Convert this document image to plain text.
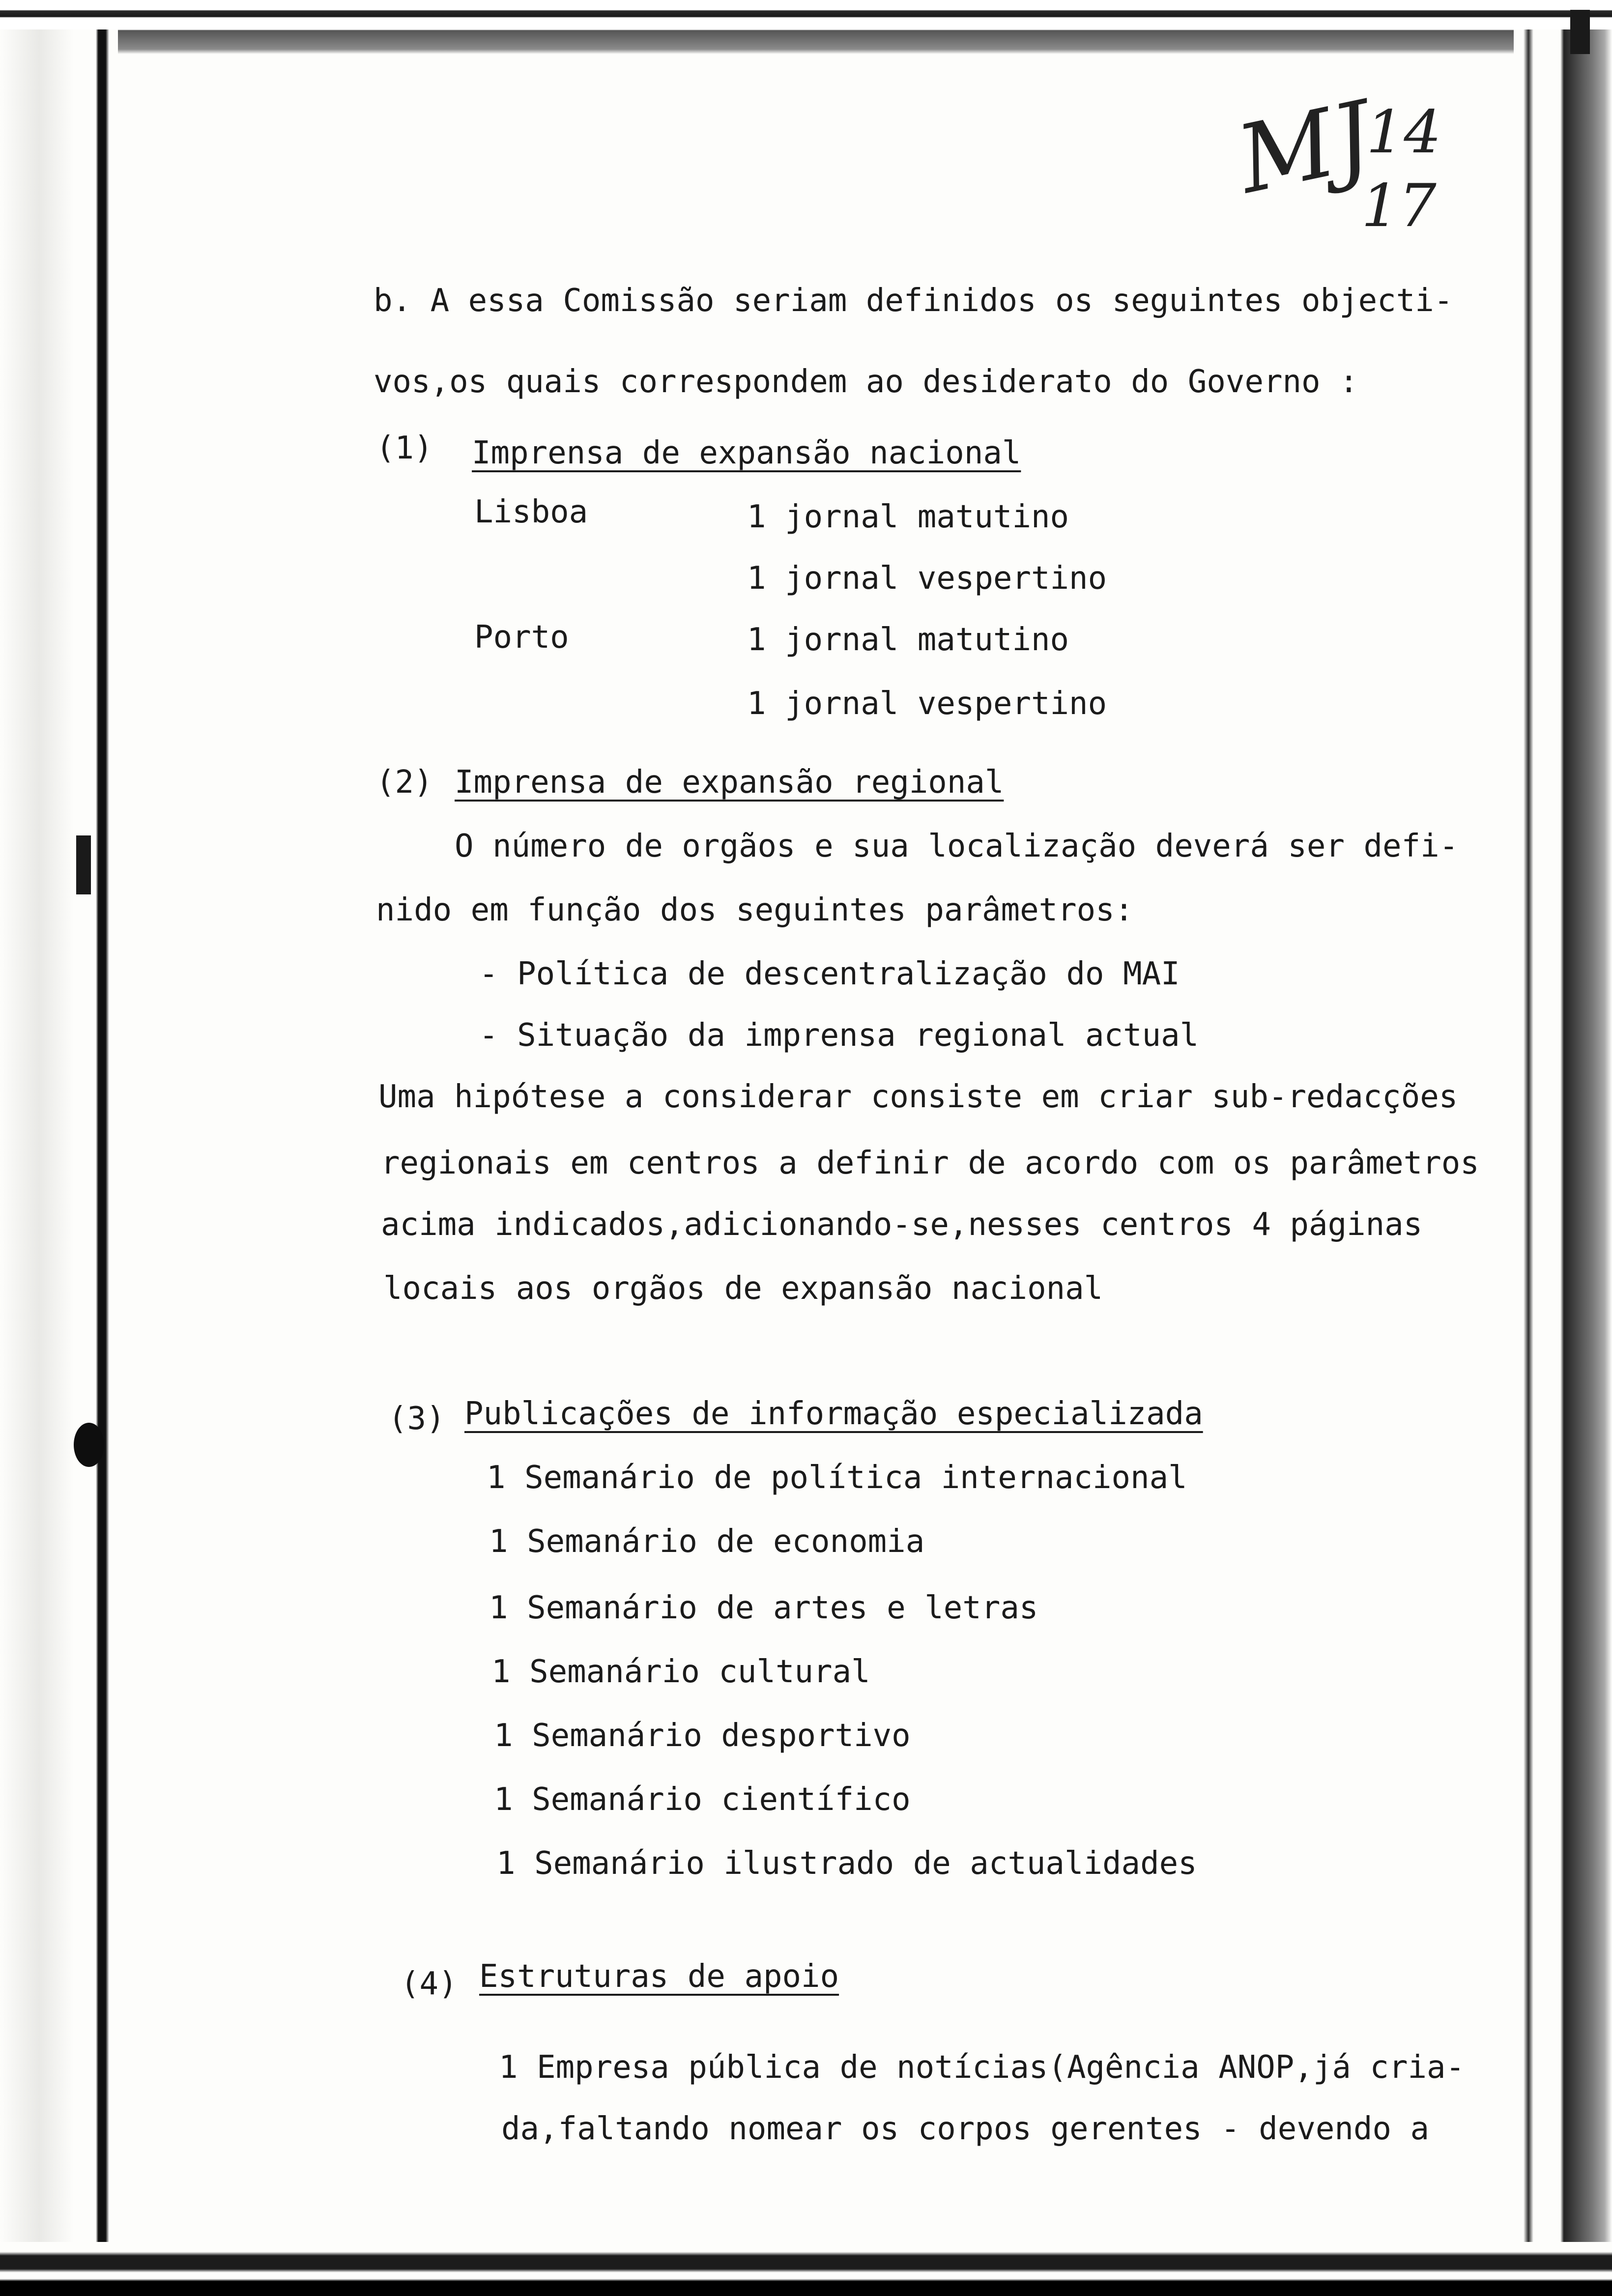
MJ
14
17
b. A essa Comissão seriam definidos os seguintes objecti-
vos,os quais correspondem ao desiderato do Governo :
(1) Imprensa de expansão nacional
Lisboa	1 jornal matutino
1 jornal vespertino
Porto	1 jornal matutino
1 jornal vespertino
(2) Imprensa de expansão regional
O número de orgãos e sua localização deverá ser defi-
nido em função dos seguintes parâmetros:
- Política de descentralização do MAI
- Situação da imprensa regional actual
Uma hipótese a considerar consiste em criar sub-redacções
regionais em centros a definir de acordo com os parâmetros
acima indicados,adicionando-se,nesses centros 4 páginas
locais aos orgãos de expansão nacional
(3) Publicações de informação especializada
1 Semanário de política internacional
1 Semanário de economia
1 Semanário de artes e letras
1 Semanário cultural
1 Semanário desportivo
1 Semanário científico
1 Semanário ilustrado de actualidades
(4) Estruturas de apoio
1 Empresa pública de notícias(Agência ANOP,já cria-
da,faltando nomear os corpos gerentes - devendo a
